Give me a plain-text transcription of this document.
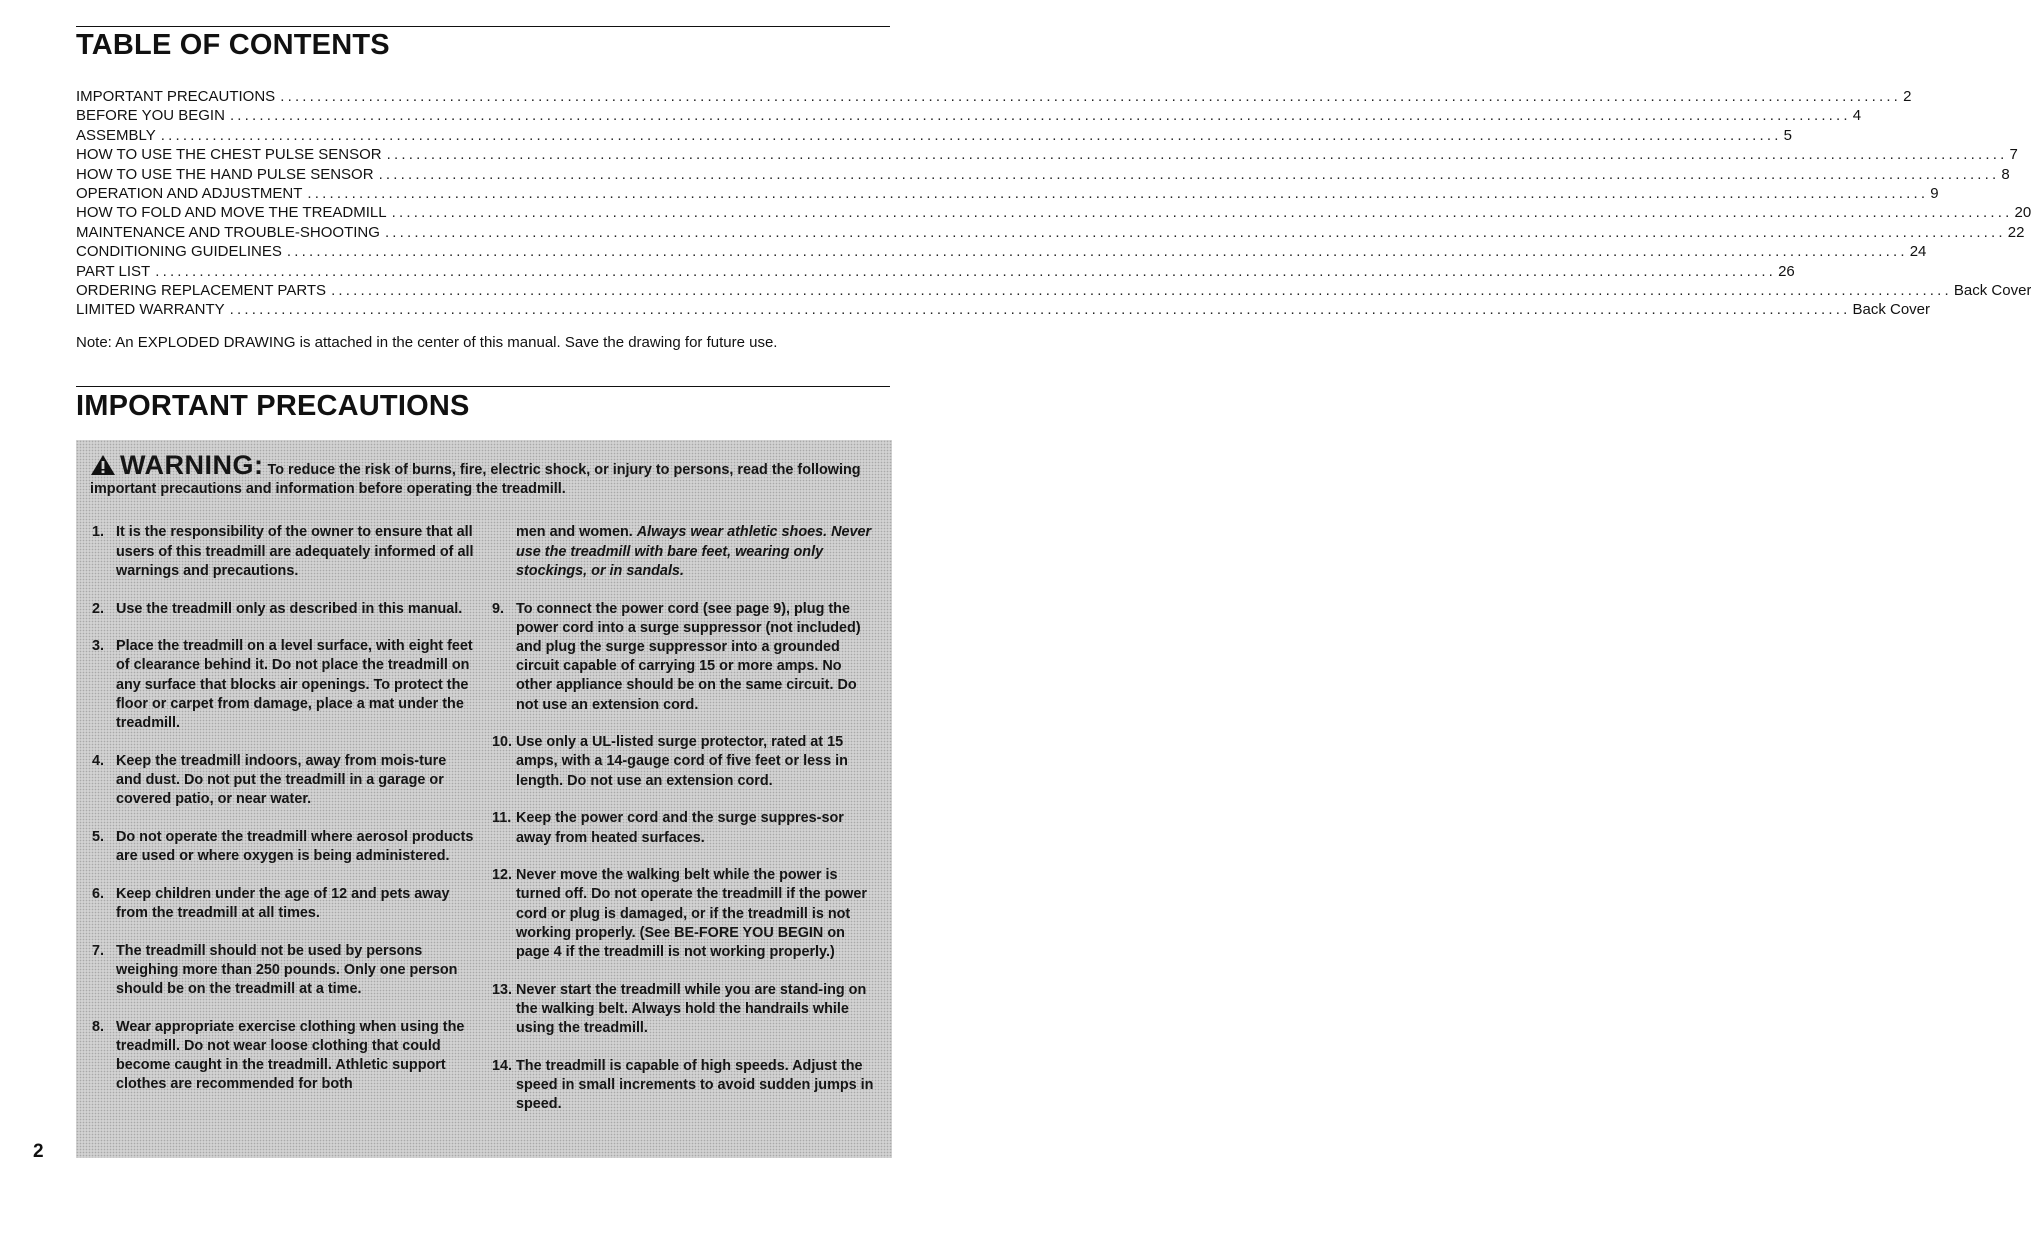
TABLE OF CONTENTS
IMPORTANT PRECAUTIONS ............................................................................................................................................................................................................................ 2
BEFORE YOU BEGIN ............................................................................................................................................................................................................................ 4
ASSEMBLY ............................................................................................................................................................................................................................ 5
HOW TO USE THE CHEST PULSE SENSOR ............................................................................................................................................................................................................................ 7
HOW TO USE THE HAND PULSE SENSOR ............................................................................................................................................................................................................................ 8
OPERATION AND ADJUSTMENT ............................................................................................................................................................................................................................ 9
HOW TO FOLD AND MOVE THE TREADMILL ............................................................................................................................................................................................................................ 20
MAINTENANCE AND TROUBLE-SHOOTING ............................................................................................................................................................................................................................ 22
CONDITIONING GUIDELINES ............................................................................................................................................................................................................................ 24
PART LIST ............................................................................................................................................................................................................................ 26
ORDERING REPLACEMENT PARTS ............................................................................................................................................................................................................................ Back Cover
LIMITED WARRANTY ............................................................................................................................................................................................................................ Back Cover

Note: An EXPLODED DRAWING is attached in the center of this manual. Save the drawing for future use.

IMPORTANT PRECAUTIONS

WARNING: To reduce the risk of burns, fire, electric shock, or injury to persons, read the following important precautions and information before operating the treadmill.

1. It is the responsibility of the owner to ensure that all users of this treadmill are adequately informed of all warnings and precautions.
2. Use the treadmill only as described in this manual.
3. Place the treadmill on a level surface, with eight feet of clearance behind it. Do not place the treadmill on any surface that blocks air openings. To protect the floor or carpet from damage, place a mat under the treadmill.
4. Keep the treadmill indoors, away from mois-ture and dust. Do not put the treadmill in a garage or covered patio, or near water.
5. Do not operate the treadmill where aerosol products are used or where oxygen is being administered.
6. Keep children under the age of 12 and pets away from the treadmill at all times.
7. The treadmill should not be used by persons weighing more than 250 pounds. Only one person should be on the treadmill at a time.
8. Wear appropriate exercise clothing when using the treadmill. Do not wear loose clothing that could become caught in the treadmill. Athletic support clothes are recommended for both
men and women. Always wear athletic shoes. Never use the treadmill with bare feet, wearing only stockings, or in sandals.
9. To connect the power cord (see page 9), plug the power cord into a surge suppressor (not included) and plug the surge suppressor into a grounded circuit capable of carrying 15 or more amps. No other appliance should be on the same circuit. Do not use an extension cord.
10. Use only a UL-listed surge protector, rated at 15 amps, with a 14-gauge cord of five feet or less in length. Do not use an extension cord.
11. Keep the power cord and the surge suppres-sor away from heated surfaces.
12. Never move the walking belt while the power is turned off. Do not operate the treadmill if the power cord or plug is damaged, or if the treadmill is not working properly. (See BE-FORE YOU BEGIN on page 4 if the treadmill is not working properly.)
13. Never start the treadmill while you are stand-ing on the walking belt. Always hold the handrails while using the treadmill.
14. The treadmill is capable of high speeds. Adjust the speed in small increments to avoid sudden jumps in speed.
2
